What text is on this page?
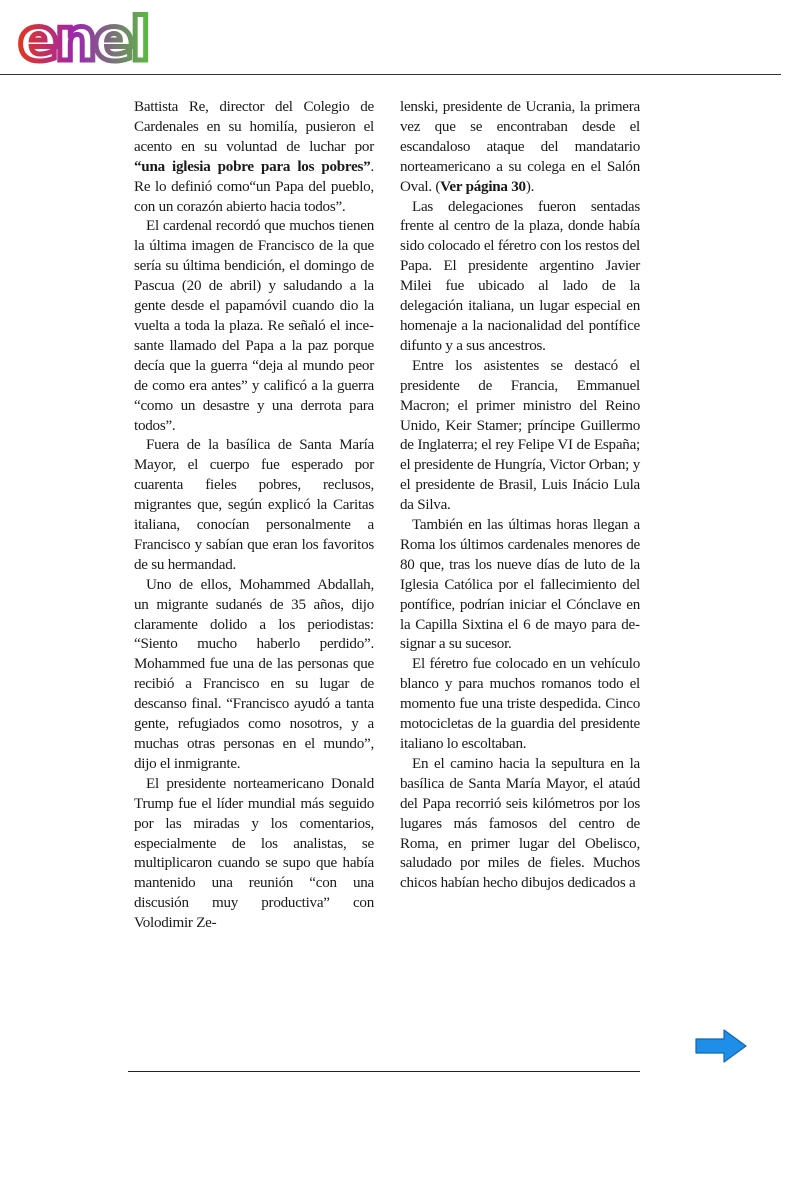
enel

Battista Re, director del Colegio de Cardenales en su homilía, pusieron el acento en su voluntad de luchar por “una iglesia pobre para los pobres”. Re lo definió como“un Papa del pueblo, con un corazón abierto hacia todos”.

El cardenal recordó que muchos tienen la última imagen de Francisco de la que sería su última bendición, el domingo de Pascua (20 de abril) y saludando a la gente desde el papamóvil cuando dio la vuelta a toda la plaza. Re señaló el incesante llamado del Papa a la paz porque decía que la guerra “deja al mundo peor de como era antes” y calificó a la guerra “como un desastre y una derrota para todos”.

Fuera de la basílica de Santa María Mayor, el cuerpo fue esperado por cuarenta fieles pobres, reclusos, migrantes que, según explicó la Caritas italiana, conocían personalmente a Francisco y sabían que eran los favoritos de su hermandad.

Uno de ellos, Mohammed Abdallah, un migrante sudanés de 35 años, dijo claramente dolido a los periodistas: “Siento mucho haberlo perdido”. Mohammed fue una de las personas que recibió a Francisco en su lugar de descanso final. “Francisco ayudó a tanta gente, refugiados como nosotros, y a muchas otras personas en el mundo”, dijo el inmigrante.

El presidente norteamericano Donald Trump fue el líder mundial más seguido por las miradas y los comentarios, especialmente de los analistas, se multiplicaron cuando se supo que había mantenido una reunión “con una discusión muy productiva” con Volodimir Ze-

lenski, presidente de Ucrania, la primera vez que se encontraban desde el escandaloso ataque del mandatario norteamericano a su colega en el Salón Oval. (Ver página 30).

Las delegaciones fueron sentadas frente al centro de la plaza, donde había sido colocado el féretro con los restos del Papa. El presidente argentino Javier Milei fue ubicado al lado de la delegación italiana, un lugar especial en homenaje a la nacionalidad del pontífice difunto y a sus ancestros.

Entre los asistentes se destacó el presidente de Francia, Emmanuel Macron; el primer ministro del Reino Unido, Keir Stamer; príncipe Guillermo de Inglaterra; el rey Felipe VI de España; el presidente de Hungría, Victor Orban; y el presidente de Brasil, Luis Inácio Lula da Silva.

También en las últimas horas llegan a Roma los últimos cardenales menores de 80 que, tras los nueve días de luto de la Iglesia Católica por el fallecimiento del pontífice, podrían iniciar el Cónclave en la Capilla Sixtina el 6 de mayo para designar a su sucesor.

El féretro fue colocado en un vehículo blanco y para muchos romanos todo el momento fue una triste despedida. Cinco motocicletas de la guardia del presidente italiano lo escoltaban.

En el camino hacia la sepultura en la basílica de Santa María Mayor, el ataúd del Papa recorrió seis kilómetros por los lugares más famosos del centro de Roma, en primer lugar del Obelisco, saludado por miles de fieles. Muchos chicos habían hecho dibujos dedicados a
